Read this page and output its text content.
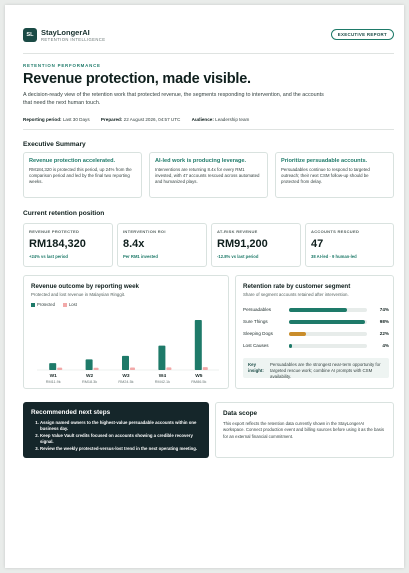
SL StayLongerAI
RETENTION INTELLIGENCE
EXECUTIVE REPORT
RETENTION PERFORMANCE
Revenue protection, made visible.
A decision-ready view of the retention work that protected revenue, the segments responding to intervention, and the accounts that need the next human touch.
Reporting period: Last 30 Days Prepared: 22 August 2026, 04:57 UTC Audience: Leadership team
Executive Summary
Revenue protection accelerated.
RM184,320 is protected this period, up 24% from the comparison period and led by the final two reporting weeks.
AI-led work is producing leverage.
Interventions are returning 8.4x for every RM1 invested, with 47 accounts rescued across automated and humanized plays.
Prioritize persuadable accounts.
Persuadables continue to respond to targeted outreach; their next CSM follow-up should be protected from delay.
Current retention position
REVENUE PROTECTED
RM184,320
+24% vs last period
INTERVENTION ROI
8.4x
Per RM1 invested
AT-RISK REVENUE
RM91,200
-12.8% vs last period
ACCOUNTS RESCUED
47
38 AI-led · 9 human-led
Revenue outcome by reporting week
Protected and lost revenue in Malaysian Ringgit.
Protected	Lost
W1
RM11.9k
W2
RM18.3k
W3
RM24.5k
W4
RM42.1k
W5
RM86.5k
Retention rate by customer segment
Share of segment accounts retained after intervention.
Persuadables	74%
Sure Things	98%
Sleeping Dogs	22%
Lost Causes	4%
Key insight:
Persuadables are the strongest near-term opportunity for targeted rescue work; combine AI prompts with CSM availability.
Recommended next steps
1. Assign named owners to the highest-value persuadable accounts within one business day.
2. Keep Value Vault credits focused on accounts showing a credible recovery signal.
3. Review the weekly protected-versus-lost trend in the next operating meeting.
Data scope
This export reflects the retention data currently shown in the StayLongerAI workspace. Connect production event and billing sources before using it as the basis for an external financial commitment.
